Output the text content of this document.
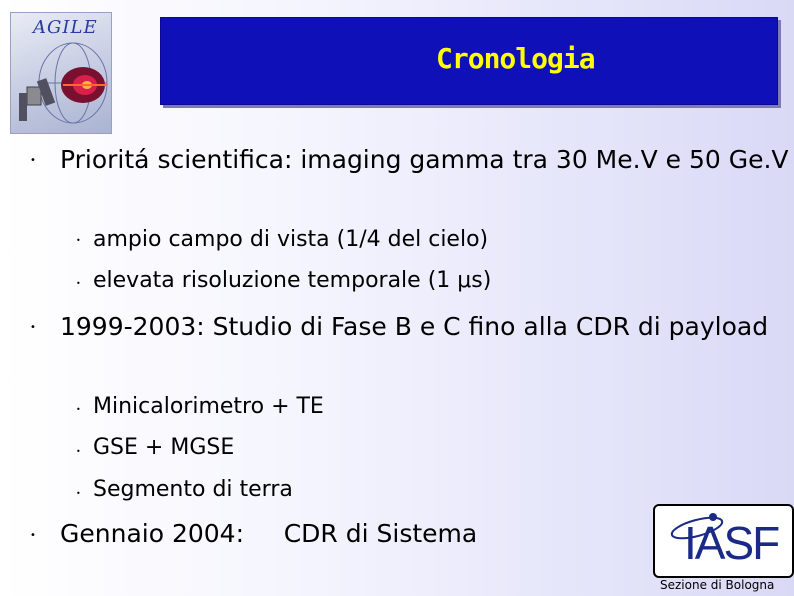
AGILE
Cronologia
• Prioritá scientifica: imaging gamma tra 30 Me.V e 50 Ge.V
• ampio campo di vista (1/4 del cielo)
• elevata risoluzione temporale (1 μs)
• 1999-2003: Studio di Fase B e C fino alla CDR di payload
• Minicalorimetro + TE
• GSE + MGSE
• Segmento di terra
• Gennaio 2004:     CDR di Sistema	IASF
Sezione di Bologna
